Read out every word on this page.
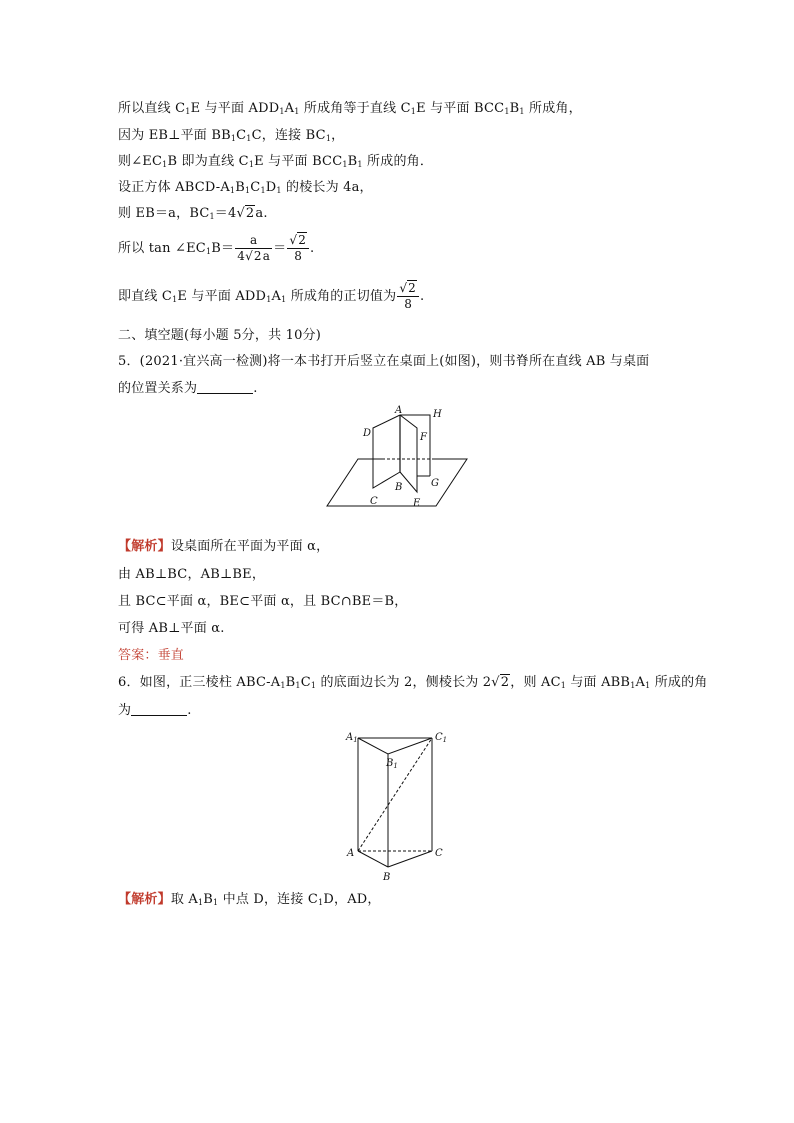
所以直线 $C_1E$ 与平面 $ADD_1A_1$ 所成角等于直线 $C_1E$ 与平面 $BCC_1B_1$ 所成角，
因为 EB⊥平面 $BB_1C_1C$，连接 $BC_1$，
则$\angle EC_1B$ 即为直线 $C_1E$ 与平面 $BCC_1B_1$ 所成的角．
设正方体 ABCD-$A_1B_1C_1D_1$ 的棱长为 4a，
则 EB＝a，$BC_1=4√2a$.
所以 $\tan \angle EC_1B= \frac{a}{4√2a} = \frac{√2}{8}$ .
即直线 $C_1E$ 与平面 $ADD_1A_1$ 所成角的正切值为 $\frac{√2}{8}$ .
二、填空题(每小题 5分，共 10分)
5．(2021·宜兴高一检测)将一本书打开后竖立在桌面上(如图)，则书脊所在直线 AB 与桌面
的位置关系为	.
A	H
D	F
B	G
C	E
【解析】设桌面所在平面为平面 α，
由 AB⊥BC，AB⊥BE，
且 BC⊂平面 α，BE⊂平面 α，且 BC∩BE＝B，
可得 AB⊥平面 α.
答案：垂直
6．如图，正三棱柱 ABC-$A_1B_1C_1$ 的底面边长为 2，侧棱长为 2√2，则 $AC_1$ 与面 $ABB_1A_1$ 所成的角
为	.
$A_1$	$C_1$
$B_1$
A	C
B
【解析】取 $A_1B_1$ 中点 D，连接 $C_1D$，AD，
